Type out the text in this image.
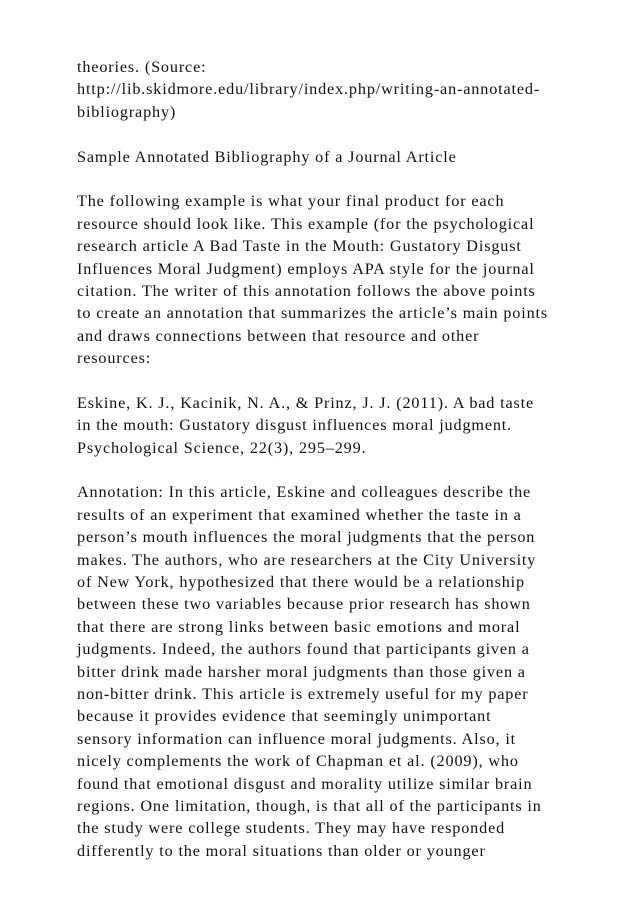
theories. (Source:
http://lib.skidmore.edu/library/index.php/writing-an-annotated-
bibliography)
Sample Annotated Bibliography of a Journal Article
The following example is what your final product for each
resource should look like. This example (for the psychological
research article A Bad Taste in the Mouth: Gustatory Disgust
Influences Moral Judgment) employs APA style for the journal
citation. The writer of this annotation follows the above points
to create an annotation that summarizes the article’s main points
and draws connections between that resource and other
resources:
Eskine, K. J., Kacinik, N. A., & Prinz, J. J. (2011). A bad taste
in the mouth: Gustatory disgust influences moral judgment.
Psychological Science, 22(3), 295–299.
Annotation: In this article, Eskine and colleagues describe the
results of an experiment that examined whether the taste in a
person’s mouth influences the moral judgments that the person
makes. The authors, who are researchers at the City University
of New York, hypothesized that there would be a relationship
between these two variables because prior research has shown
that there are strong links between basic emotions and moral
judgments. Indeed, the authors found that participants given a
bitter drink made harsher moral judgments than those given a
non-bitter drink. This article is extremely useful for my paper
because it provides evidence that seemingly unimportant
sensory information can influence moral judgments. Also, it
nicely complements the work of Chapman et al. (2009), who
found that emotional disgust and morality utilize similar brain
regions. One limitation, though, is that all of the participants in
the study were college students. They may have responded
differently to the moral situations than older or younger
